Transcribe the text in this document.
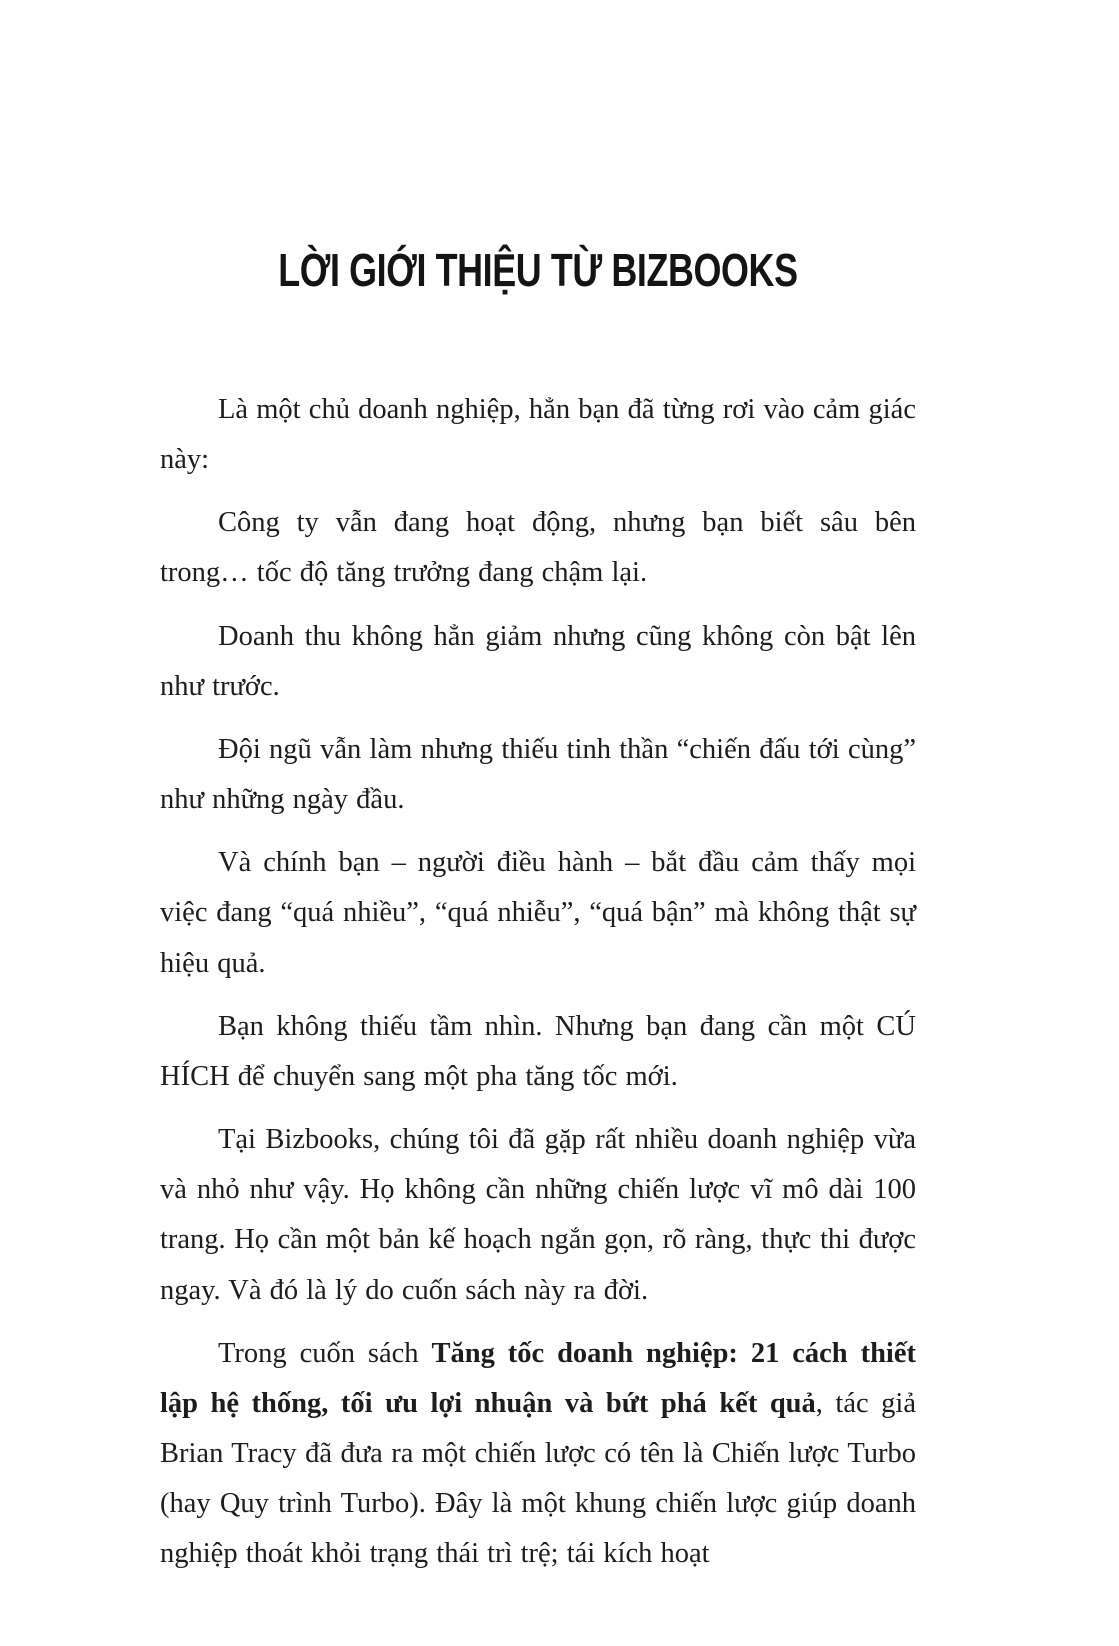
LỜI GIỚI THIỆU TỪ BIZBOOKS

Là một chủ doanh nghiệp, hẳn bạn đã từng rơi vào cảm giác này:

Công ty vẫn đang hoạt động, nhưng bạn biết sâu bên trong… tốc độ tăng trưởng đang chậm lại.

Doanh thu không hẳn giảm nhưng cũng không còn bật lên như trước.

Đội ngũ vẫn làm nhưng thiếu tinh thần “chiến đấu tới cùng” như những ngày đầu.

Và chính bạn – người điều hành – bắt đầu cảm thấy mọi việc đang “quá nhiều”, “quá nhiễu”, “quá bận” mà không thật sự hiệu quả.

Bạn không thiếu tầm nhìn. Nhưng bạn đang cần một CÚ HÍCH để chuyển sang một pha tăng tốc mới.

Tại Bizbooks, chúng tôi đã gặp rất nhiều doanh nghiệp vừa và nhỏ như vậy. Họ không cần những chiến lược vĩ mô dài 100 trang. Họ cần một bản kế hoạch ngắn gọn, rõ ràng, thực thi được ngay. Và đó là lý do cuốn sách này ra đời.

Trong cuốn sách Tăng tốc doanh nghiệp: 21 cách thiết lập hệ thống, tối ưu lợi nhuận và bứt phá kết quả, tác giả Brian Tracy đã đưa ra một chiến lược có tên là Chiến lược Turbo (hay Quy trình Turbo). Đây là một khung chiến lược giúp doanh nghiệp thoát khỏi trạng thái trì trệ; tái kích hoạt
